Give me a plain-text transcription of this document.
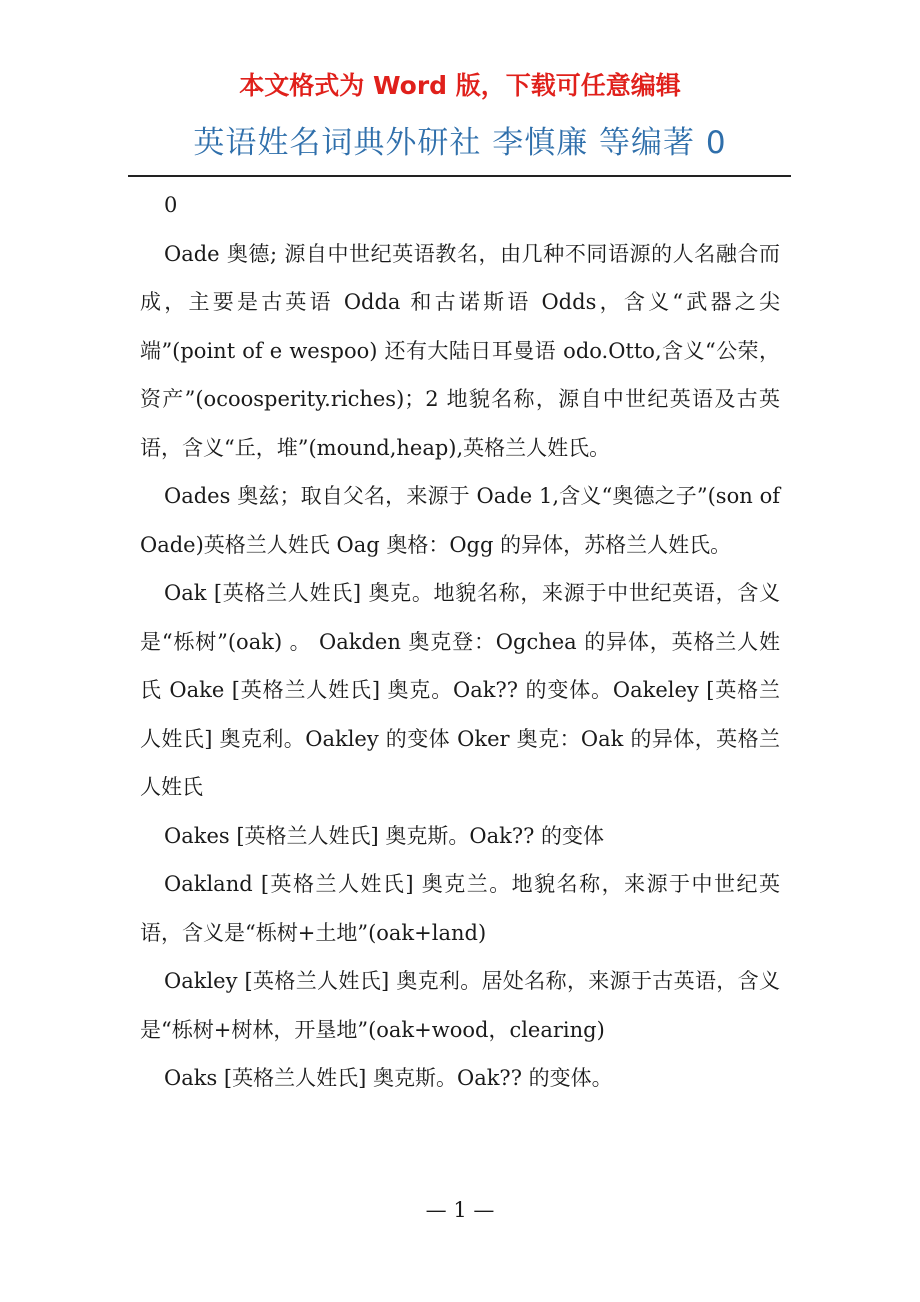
本文格式为 Word 版，下载可任意编辑
英语姓名词典外研社 李慎廉 等编著 0

0

Oade 奥德; 源自中世纪英语教名，由几种不同语源的人名融合而成，主要是古英语 Odda 和古诺斯语 Odds，含义“武器之尖端”(point of e wespoo) 还有大陆日耳曼语 odo.Otto,含义“公荣，资产”(ocoosperity.riches)；2 地貌名称，源自中世纪英语及古英语，含义“丘，堆”(mound,heap),英格兰人姓氏。

Oades 奥兹；取自父名，来源于 Oade 1,含义“奥德之子”(son of Oade)英格兰人姓氏 Oag 奥格：Ogg 的异体，苏格兰人姓氏。

Oak [英格兰人姓氏] 奥克。地貌名称，来源于中世纪英语，含义是“栎树”(oak) 。 Oakden 奥克登：Ogchea 的异体，英格兰人姓氏 Oake [英格兰人姓氏] 奥克。Oak?? 的变体。Oakeley [英格兰人姓氏] 奥克利。Oakley 的变体 Oker 奥克：Oak 的异体，英格兰人姓氏

Oakes [英格兰人姓氏] 奥克斯。Oak?? 的变体

Oakland [英格兰人姓氏] 奥克兰。地貌名称，来源于中世纪英语，含义是“栎树+土地”(oak+land)

Oakley [英格兰人姓氏] 奥克利。居处名称，来源于古英语，含义是“栎树+树林，开垦地”(oak+wood，clearing)

Oaks [英格兰人姓氏] 奥克斯。Oak?? 的变体。

— 1 —
